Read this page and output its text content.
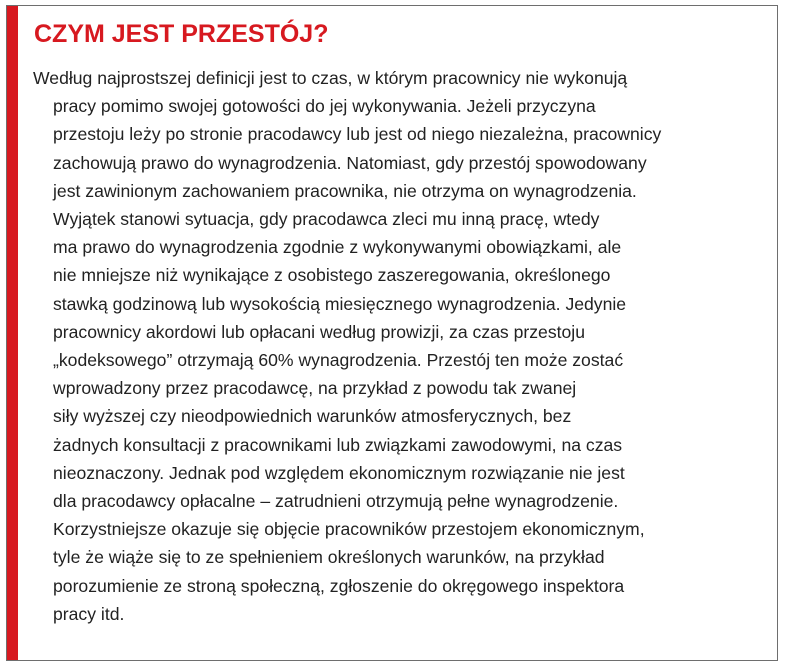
CZYM JEST PRZESTÓJ?

Według najprostszej definicji jest to czas, w którym pracownicy nie wykonują
pracy pomimo swojej gotowości do jej wykonywania. Jeżeli przyczyna
przestoju leży po stronie pracodawcy lub jest od niego niezależna, pracownicy
zachowują prawo do wynagrodzenia. Natomiast, gdy przestój spowodowany
jest zawinionym zachowaniem pracownika, nie otrzyma on wynagrodzenia.
Wyjątek stanowi sytuacja, gdy pracodawca zleci mu inną pracę, wtedy
ma prawo do wynagrodzenia zgodnie z wykonywanymi obowiązkami, ale
nie mniejsze niż wynikające z osobistego zaszeregowania, określonego
stawką godzinową lub wysokością miesięcznego wynagrodzenia. Jedynie
pracownicy akordowi lub opłacani według prowizji, za czas przestoju
„kodeksowego” otrzymają 60% wynagrodzenia. Przestój ten może zostać
wprowadzony przez pracodawcę, na przykład z powodu tak zwanej
siły wyższej czy nieodpowiednich warunków atmosferycznych, bez
żadnych konsultacji z pracownikami lub związkami zawodowymi, na czas
nieoznaczony. Jednak pod względem ekonomicznym rozwiązanie nie jest
dla pracodawcy opłacalne – zatrudnieni otrzymują pełne wynagrodzenie.
Korzystniejsze okazuje się objęcie pracowników przestojem ekonomicznym,
tyle że wiąże się to ze spełnieniem określonych warunków, na przykład
porozumienie ze stroną społeczną, zgłoszenie do okręgowego inspektora
pracy itd.
